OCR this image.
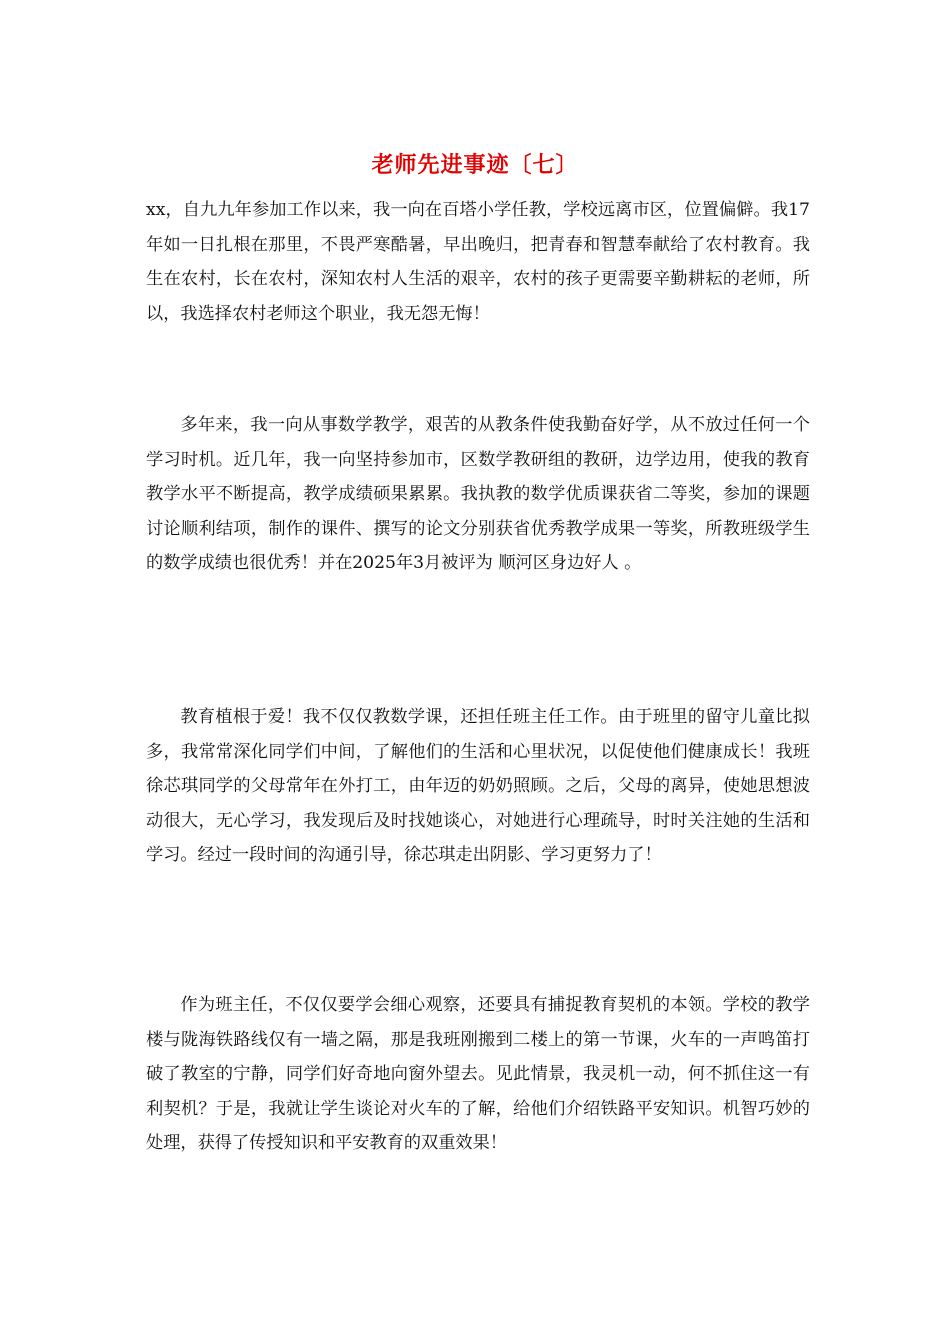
老师先进事迹〔七〕

xx，自九九年参加工作以来，我一向在百塔小学任教，学校远离市区，位置偏僻。我17年如一日扎根在那里，不畏严寒酷暑，早出晚归，把青春和智慧奉献给了农村教育。我生在农村，长在农村，深知农村人生活的艰辛，农村的孩子更需要辛勤耕耘的老师，所以，我选择农村老师这个职业，我无怨无悔！

多年来，我一向从事数学教学，艰苦的从教条件使我勤奋好学，从不放过任何一个学习时机。近几年，我一向坚持参加市，区数学教研组的教研，边学边用，使我的教育教学水平不断提高，教学成绩硕果累累。我执教的数学优质课获省二等奖，参加的课题讨论顺利结项，制作的课件、撰写的论文分别获省优秀教学成果一等奖，所教班级学生的数学成绩也很优秀！并在2025年3月被评为 顺河区身边好人 。

教育植根于爱！我不仅仅教数学课，还担任班主任工作。由于班里的留守儿童比拟多，我常常深化同学们中间，了解他们的生活和心里状况，以促使他们健康成长！我班徐芯琪同学的父母常年在外打工，由年迈的奶奶照顾。之后，父母的离异，使她思想波动很大，无心学习，我发现后及时找她谈心，对她进行心理疏导，时时关注她的生活和学习。经过一段时间的沟通引导，徐芯琪走出阴影、学习更努力了！

作为班主任，不仅仅要学会细心观察，还要具有捕捉教育契机的本领。学校的教学楼与陇海铁路线仅有一墙之隔，那是我班刚搬到二楼上的第一节课，火车的一声鸣笛打破了教室的宁静，同学们好奇地向窗外望去。见此情景，我灵机一动，何不抓住这一有利契机？于是，我就让学生谈论对火车的了解，给他们介绍铁路平安知识。机智巧妙的处理，获得了传授知识和平安教育的双重效果！
